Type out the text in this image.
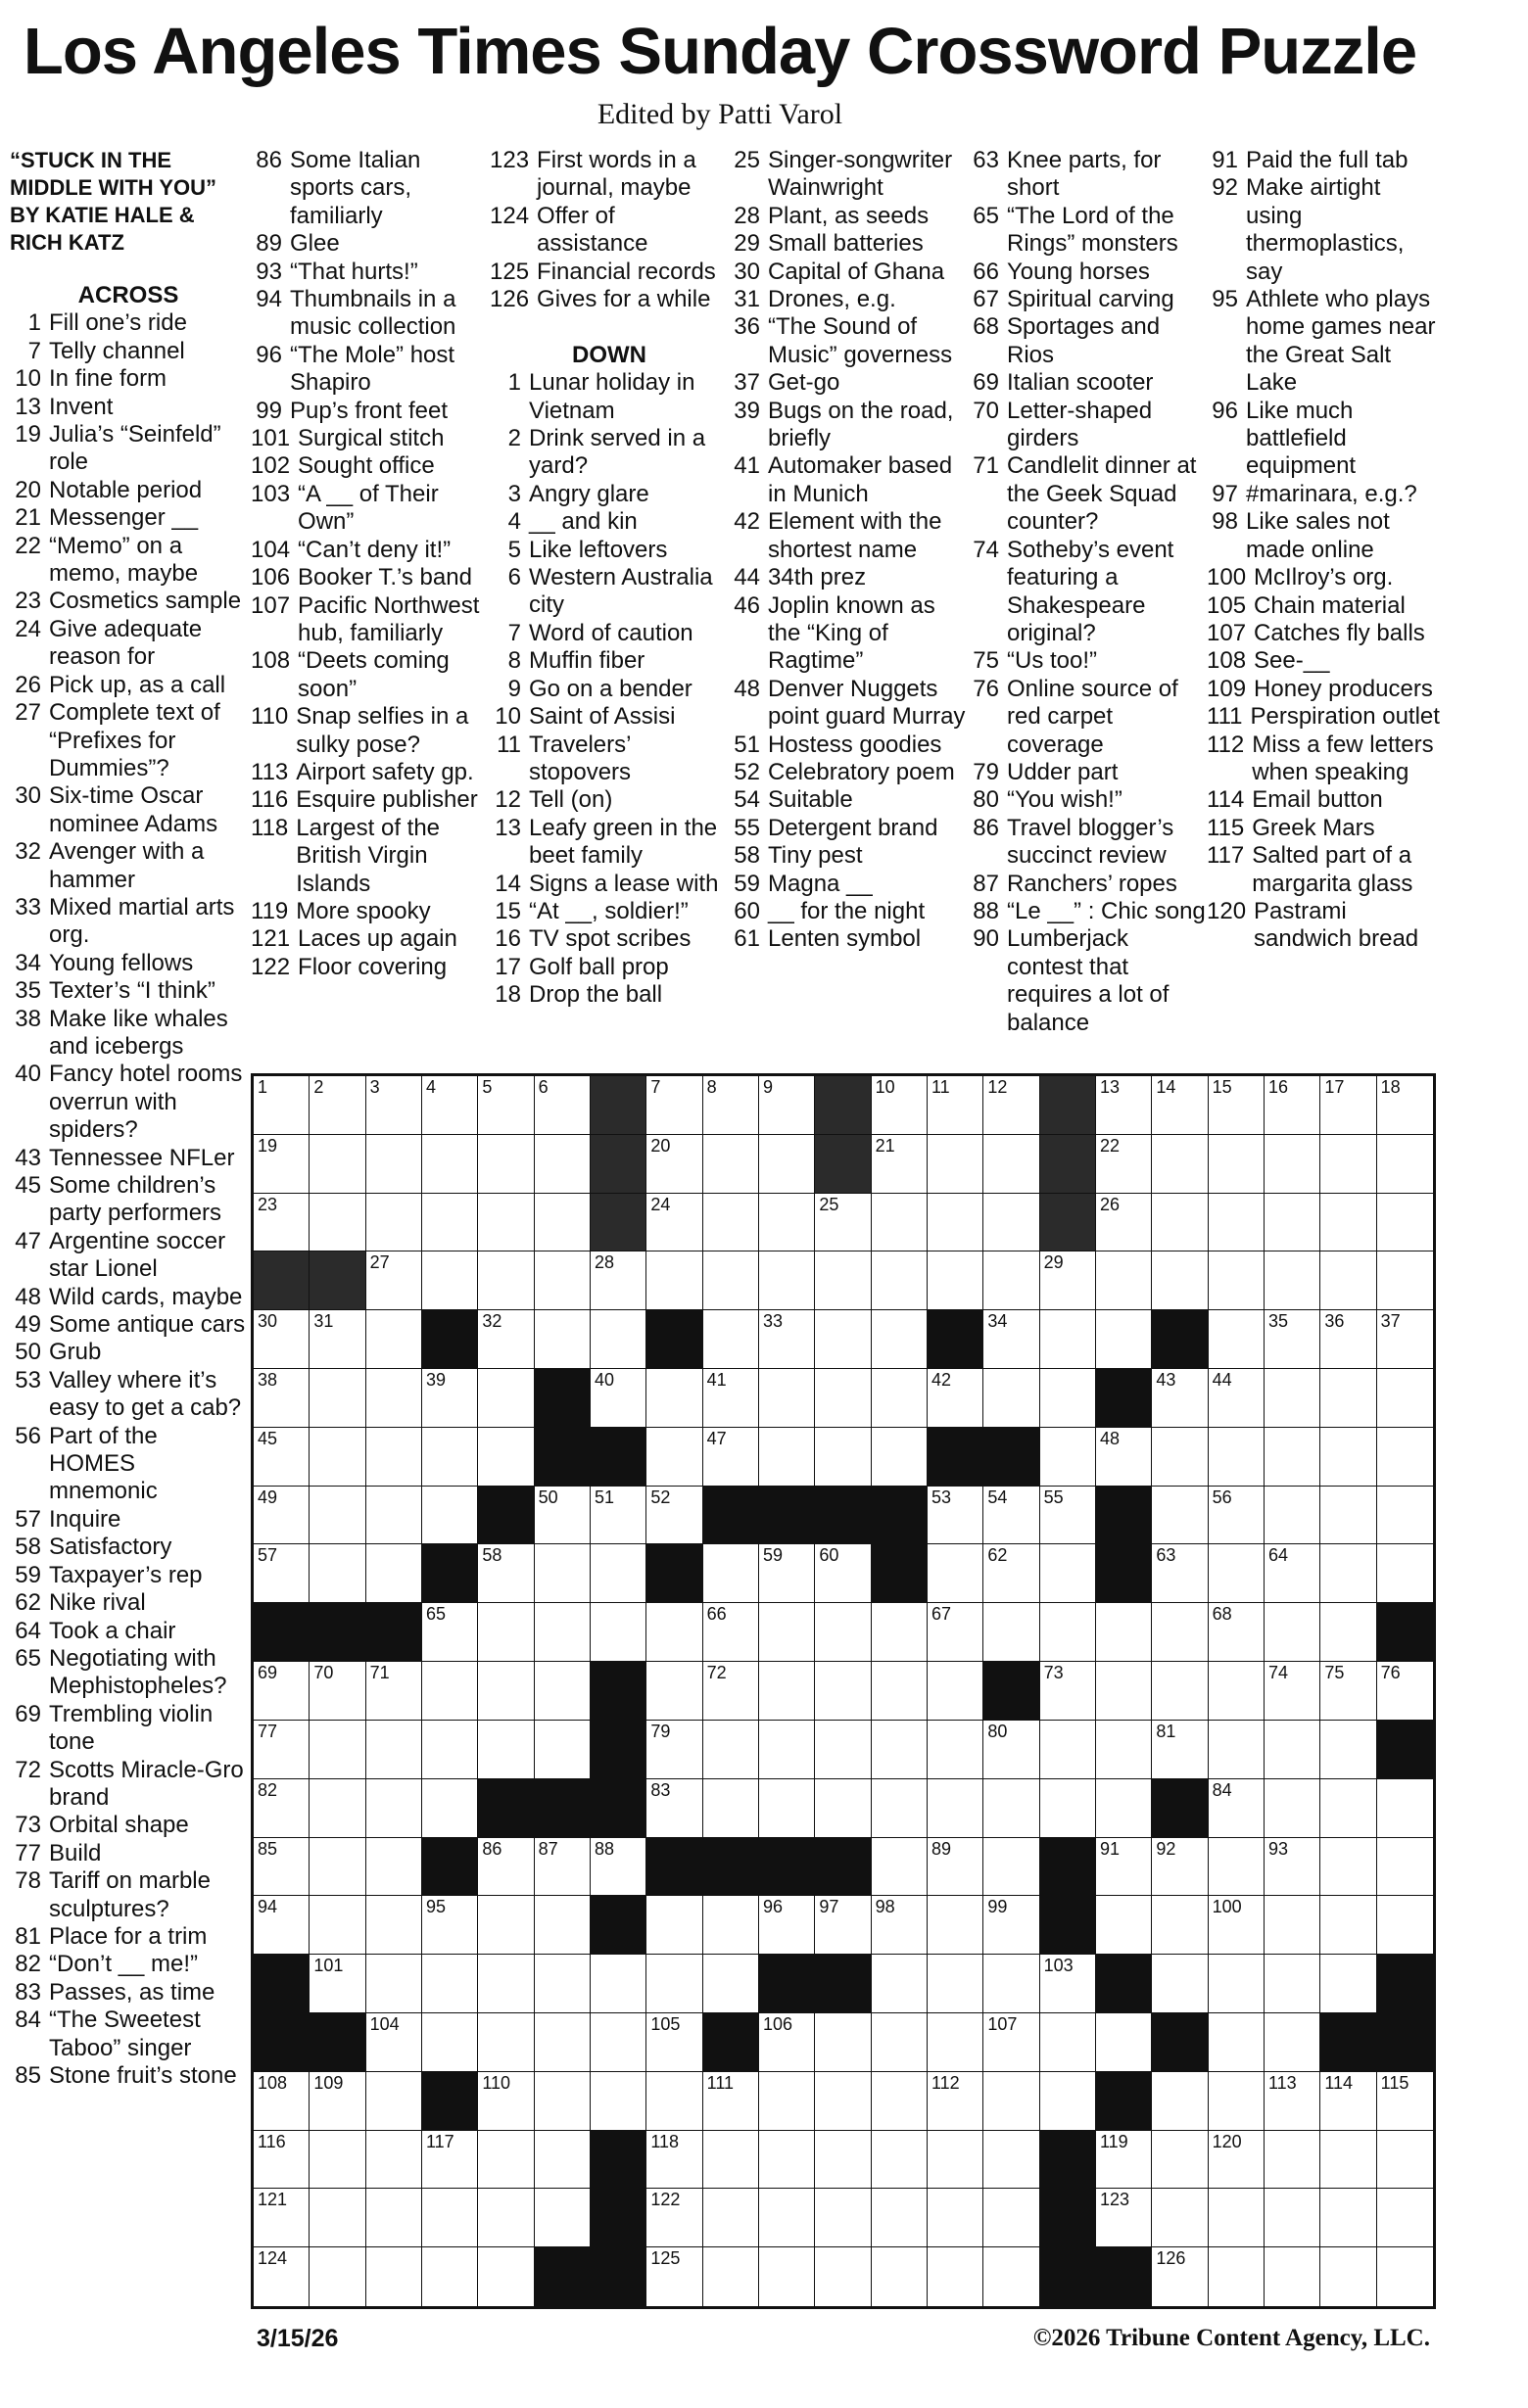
Los Angeles Times Sunday Crossword Puzzle
Edited by Patti Varol
“STUCK IN THE MIDDLE WITH YOU” BY KATIE HALE & RICH KATZ
ACROSS
1 Fill one’s ride
7 Telly channel
10 In fine form
13 Invent
19 Julia’s “Seinfeld” role
20 Notable period
21 Messenger __
22 “Memo” on a memo, maybe
23 Cosmetics sample
24 Give adequate reason for
26 Pick up, as a call
27 Complete text of “Prefixes for Dummies”?
30 Six-time Oscar nominee Adams
32 Avenger with a hammer
33 Mixed martial arts org.
34 Young fellows
35 Texter’s “I think”
38 Make like whales and icebergs
40 Fancy hotel rooms overrun with spiders?
43 Tennessee NFLer
45 Some children’s party performers
47 Argentine soccer star Lionel
48 Wild cards, maybe
49 Some antique cars
50 Grub
53 Valley where it’s easy to get a cab?
56 Part of the HOMES mnemonic
57 Inquire
58 Satisfactory
59 Taxpayer’s rep
62 Nike rival
64 Took a chair
65 Negotiating with Mephistopheles?
69 Trembling violin tone
72 Scotts Miracle-Gro brand
73 Orbital shape
77 Build
78 Tariff on marble sculptures?
81 Place for a trim
82 “Don’t __ me!”
83 Passes, as time
84 “The Sweetest Taboo” singer
85 Stone fruit’s stone
86 Some Italian sports cars, familiarly
89 Glee
93 “That hurts!”
94 Thumbnails in a music collection
96 “The Mole” host Shapiro
99 Pup’s front feet
101 Surgical stitch
102 Sought office
103 “A __ of Their Own”
104 “Can’t deny it!”
106 Booker T.’s band
107 Pacific Northwest hub, familiarly
108 “Deets coming soon”
110 Snap selfies in a sulky pose?
113 Airport safety gp.
116 Esquire publisher
118 Largest of the British Virgin Islands
119 More spooky
121 Laces up again
122 Floor covering
123 First words in a journal, maybe
124 Offer of assistance
125 Financial records
126 Gives for a while
DOWN
1 Lunar holiday in Vietnam
2 Drink served in a yard?
3 Angry glare
4 __ and kin
5 Like leftovers
6 Western Australia city
7 Word of caution
8 Muffin fiber
9 Go on a bender
10 Saint of Assisi
11 Travelers’ stopovers
12 Tell (on)
13 Leafy green in the beet family
14 Signs a lease with
15 “At __, soldier!”
16 TV spot scribes
17 Golf ball prop
18 Drop the ball
25 Singer-songwriter Wainwright
28 Plant, as seeds
29 Small batteries
30 Capital of Ghana
31 Drones, e.g.
36 “The Sound of Music” governess
37 Get-go
39 Bugs on the road, briefly
41 Automaker based in Munich
42 Element with the shortest name
44 34th prez
46 Joplin known as the “King of Ragtime”
48 Denver Nuggets point guard Murray
51 Hostess goodies
52 Celebratory poem
54 Suitable
55 Detergent brand
58 Tiny pest
59 Magna __
60 __ for the night
61 Lenten symbol
63 Knee parts, for short
65 “The Lord of the Rings” monsters
66 Young horses
67 Spiritual carving
68 Sportages and Rios
69 Italian scooter
70 Letter-shaped girders
71 Candlelit dinner at the Geek Squad counter?
74 Sotheby’s event featuring a Shakespeare original?
75 “Us too!”
76 Online source of red carpet coverage
79 Udder part
80 “You wish!”
86 Travel blogger’s succinct review
87 Ranchers’ ropes
88 “Le __” : Chic song
90 Lumberjack contest that requires a lot of balance
91 Paid the full tab
92 Make airtight using thermoplastics, say
95 Athlete who plays home games near the Great Salt Lake
96 Like much battlefield equipment
97 #marinara, e.g.?
98 Like sales not made online
100 McIlroy’s org.
105 Chain material
107 Catches fly balls
108 See-__
109 Honey producers
111 Perspiration outlet
112 Miss a few letters when speaking
114 Email button
115 Greek Mars
117 Salted part of a margarita glass
120 Pastrami sandwich bread
1	2	3	4	5	6	7	8	9	10 11 12	13 14 15 16 17 18
19	20	21	22
23	24	25	26
27	28	29
30 31	32	33	34	35 36 37
38	39	40	41	42	43 44
45	47	48
49	50 51 52	53 54 55	56
57	58	59 60	62	63	64
65	66	67	68
69 70 71	72	73	74 75 76
77	79	80	81
82	83	84
85	86 87 88	89	91 92	93
94	95	96 97 98	99	100
101	103
104	105	106	107
108 109	110	111	112	113 114 115
116	117	118	119	120
121	122	123
124	125	126
3/15/26	©2026 Tribune Content Agency, LLC.
